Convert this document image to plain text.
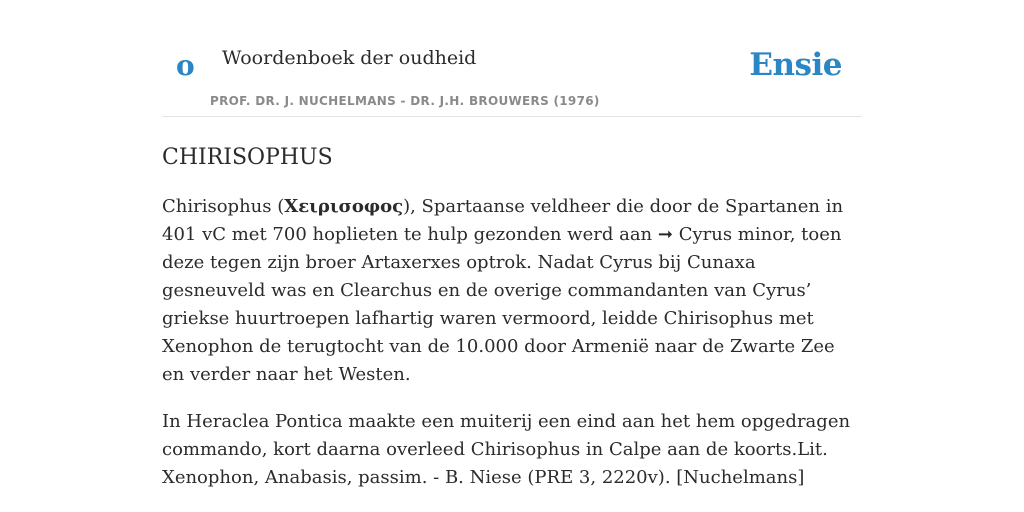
o Woordenboek der oudheid
PROF. DR. J. NUCHELMANS - DR. J.H. BROUWERS (1976)
Ensie
CHIRISOPHUS

Chirisophus (Χειρισοφος), Spartaanse veldheer die door de Spartanen in 401 vC met 700 hoplieten te hulp gezonden werd aan ➞ Cyrus minor, toen deze tegen zijn broer Artaxerxes optrok. Nadat Cyrus bij Cunaxa gesneuveld was en Clearchus en de overige commandanten van Cyrus’ griekse huurtroepen lafhartig waren vermoord, leidde Chirisophus met Xenophon de terugtocht van de 10.000 door Armenië naar de Zwarte Zee en verder naar het Westen.

In Heraclea Pontica maakte een muiterij een eind aan het hem opgedragen commando, kort daarna overleed Chirisophus in Calpe aan de koorts.Lit. Xenophon, Anabasis, passim. - B. Niese (PRE 3, 2220v). [Nuchelmans]
